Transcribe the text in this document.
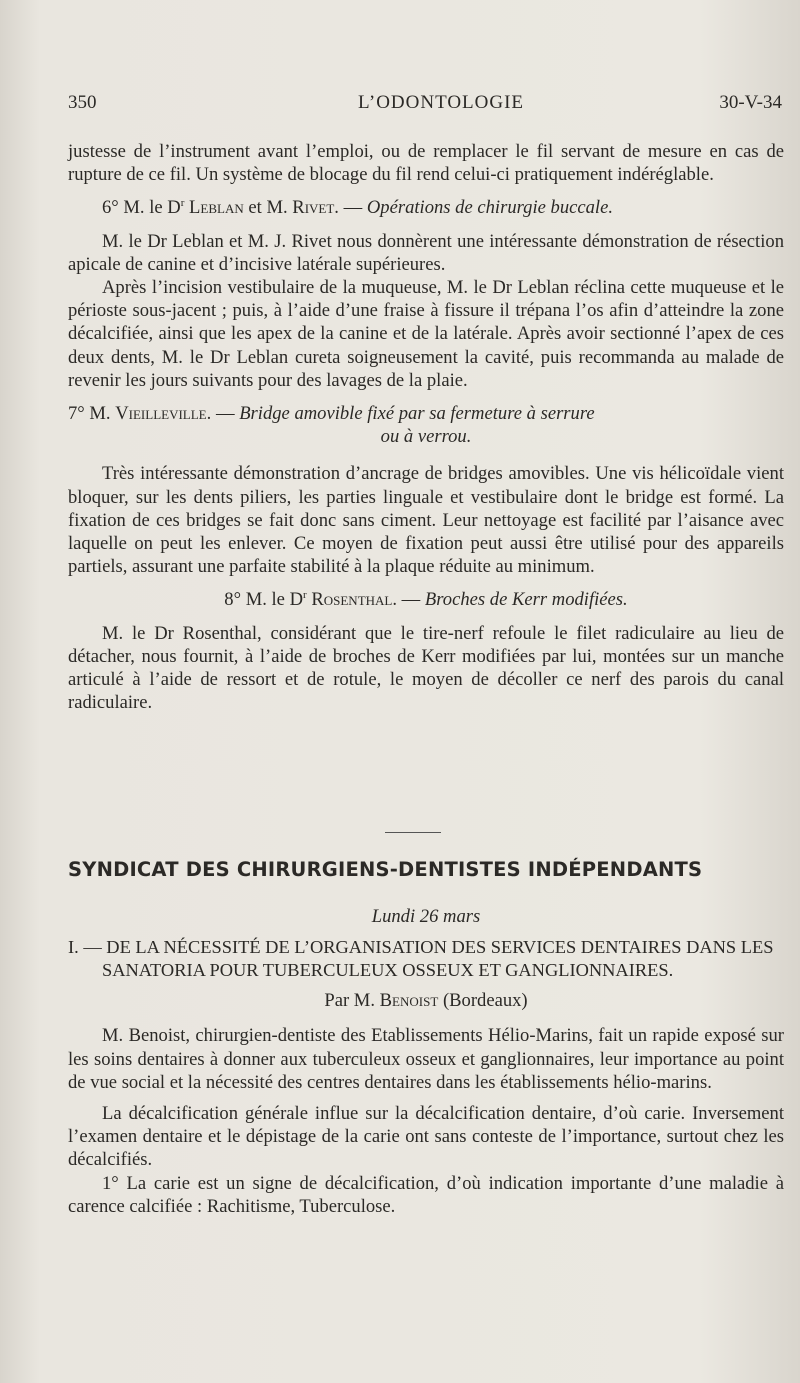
350	L’ODONTOLOGIE	30-V-34

justesse de l’instrument avant l’emploi, ou de remplacer le fil servant de mesure en cas de rupture de ce fil. Un système de blocage du fil rend celui-ci pratiquement indéréglable.

6° M. le $D^r$ Leblan et M. Rivet. — Opérations de chirurgie buccale.

M. le Dr Leblan et M. J. Rivet nous donnèrent une intéressante démonstration de résection apicale de canine et d’incisive latérale supérieures.

Après l’incision vestibulaire de la muqueuse, M. le Dr Leblan réclina cette muqueuse et le périoste sous-jacent ; puis, à l’aide d’une fraise à fissure il trépana l’os afin d’atteindre la zone décalcifiée, ainsi que les apex de la canine et de la latérale. Après avoir sectionné l’apex de ces deux dents, M. le Dr Leblan cureta soigneusement la cavité, puis recommanda au malade de revenir les jours suivants pour des lavages de la plaie.

7° M. Vieilleville. — Bridge amovible fixé par sa fermeture à serrure

ou à verrou.

Très intéressante démonstration d’ancrage de bridges amovibles. Une vis hélicoïdale vient bloquer, sur les dents piliers, les parties linguale et vestibulaire dont le bridge est formé. La fixation de ces bridges se fait donc sans ciment. Leur nettoyage est facilité par l’aisance avec laquelle on peut les enlever. Ce moyen de fixation peut aussi être utilisé pour des appareils partiels, assurant une parfaite stabilité à la plaque réduite au minimum.

8° M. le $D^r$ Rosenthal. — Broches de Kerr modifiées.

M. le Dr Rosenthal, considérant que le tire-nerf refoule le filet radiculaire au lieu de détacher, nous fournit, à l’aide de broches de Kerr modifiées par lui, montées sur un manche articulé à l’aide de ressort et de rotule, le moyen de décoller ce nerf des parois du canal radiculaire.

SYNDICAT DES CHIRURGIENS-DENTISTES INDÉPENDANTS

Lundi 26 mars

I. — DE LA NÉCESSITÉ DE L’ORGANISATION DES SERVICES DENTAIRES DANS LES SANATORIA POUR TUBERCULEUX OSSEUX ET GANGLIONNAIRES.

Par M. Benoist (Bordeaux)

M. Benoist, chirurgien-dentiste des Etablissements Hélio-Marins, fait un rapide exposé sur les soins dentaires à donner aux tuberculeux osseux et ganglionnaires, leur importance au point de vue social et la nécessité des centres dentaires dans les établissements hélio-marins.

La décalcification générale influe sur la décalcification dentaire, d’où carie. Inversement l’examen dentaire et le dépistage de la carie ont sans conteste de l’importance, surtout chez les décalcifiés.

1° La carie est un signe de décalcification, d’où indication importante d’une maladie à carence calcifiée : Rachitisme, Tuberculose.
